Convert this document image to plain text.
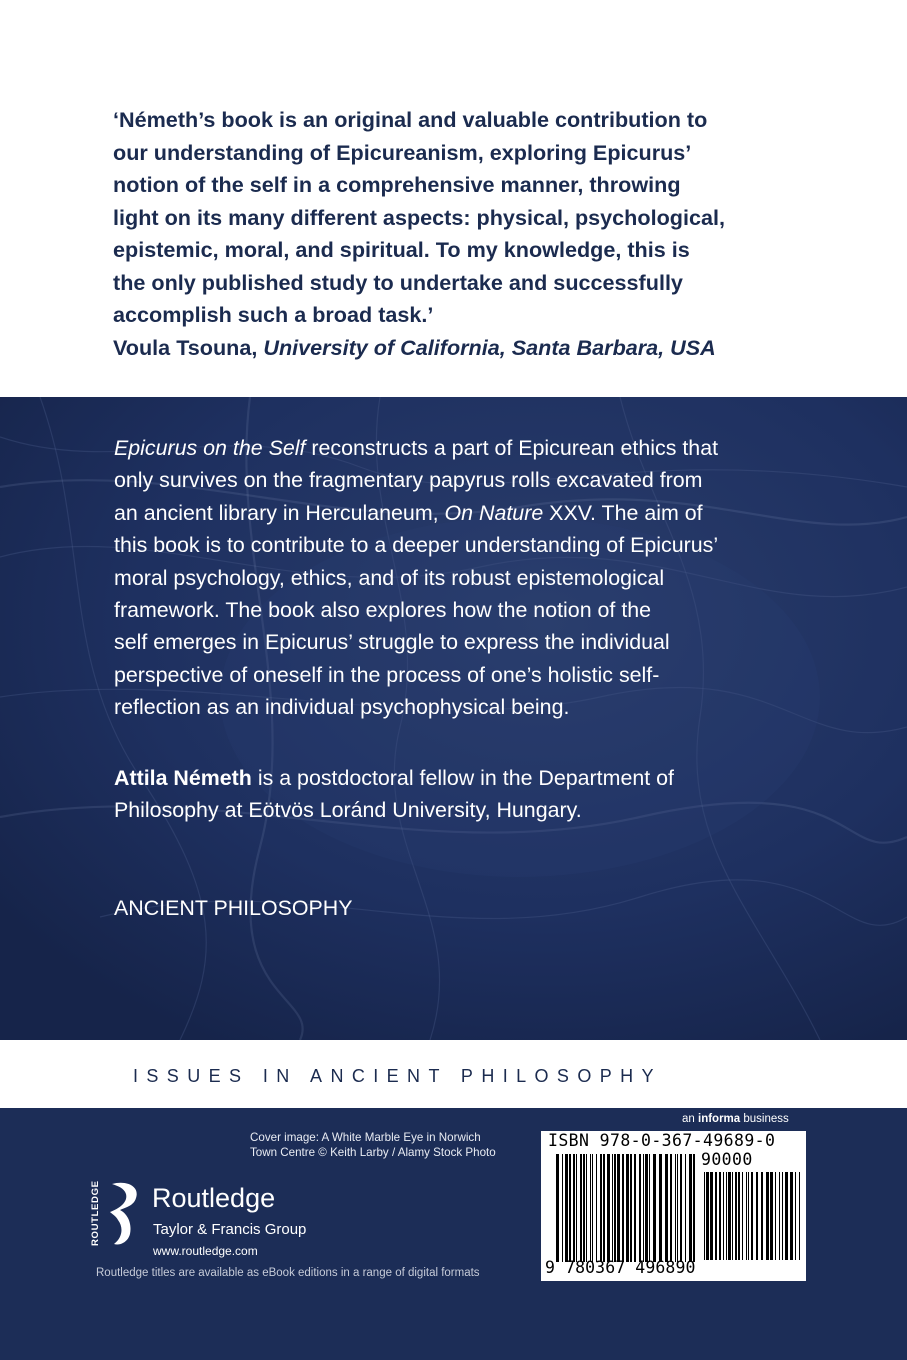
‘Németh’s book is an original and valuable contribution to
our understanding of Epicureanism, exploring Epicurus’
notion of the self in a comprehensive manner, throwing
light on its many different aspects: physical, psychological,
epistemic, moral, and spiritual. To my knowledge, this is
the only published study to undertake and successfully
accomplish such a broad task.’
Voula Tsouna, University of California, Santa Barbara, USA
Epicurus on the Self reconstructs a part of Epicurean ethics that
only survives on the fragmentary papyrus rolls excavated from
an ancient library in Herculaneum, On Nature XXV. The aim of
this book is to contribute to a deeper understanding of Epicurus’
moral psychology, ethics, and of its robust epistemological
framework. The book also explores how the notion of the
self emerges in Epicurus’ struggle to express the individual
perspective of oneself in the process of one’s holistic self-
reflection as an individual psychophysical being.
Attila Németh is a postdoctoral fellow in the Department of
Philosophy at Eötvös Loránd University, Hungary.
ANCIENT PHILOSOPHY
ISSUES IN ANCIENT PHILOSOPHY
an informa business
Cover image: A White Marble Eye in Norwich
Town Centre © Keith Larby / Alamy Stock Photo
ROUTLEDGE Routledge
Taylor & Francis Group
www.routledge.com
Routledge titles are available as eBook editions in a range of digital formats
ISBN 978-0-367-49689-0
90000
9 780367 496890
